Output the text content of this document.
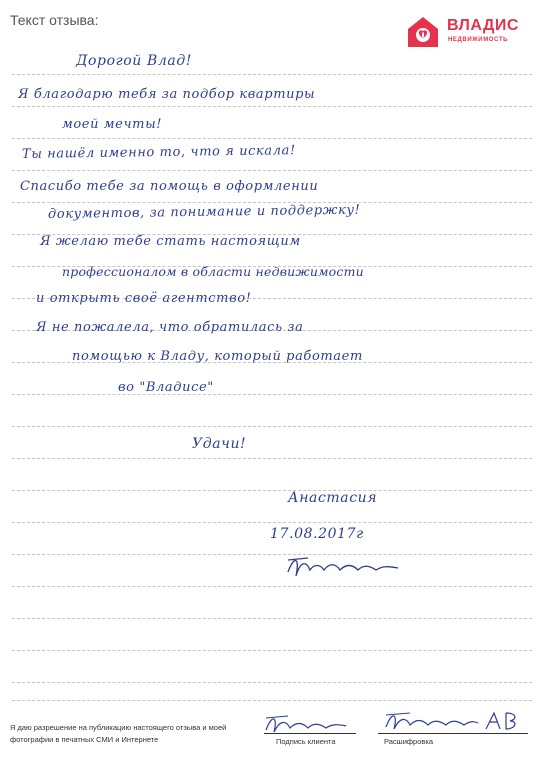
Текст отзыва:	ВЛАДИС
НЕДВИЖИМОСТЬ
Дорогой Влад!
Я благодарю тебя за подбор квартиры
моей мечты!
Ты нашёл именно то, что я искала!
Спасибо тебе за помощь в оформлении
документов, за понимание и поддержку!
Я желаю тебе стать настоящим
профессионалом в области недвижимости
и открыть своё агентство!
Я не пожалела, что обратилась за
помощью к Владу, который работает
во "Владисе"
Удачи!
Анастасия
17.08.2017г
Я даю разрешение на публикацию настоящего отзыва и моей фотографии в печатных СМИ и Интернете	Подпись клиента	Расшифровка
